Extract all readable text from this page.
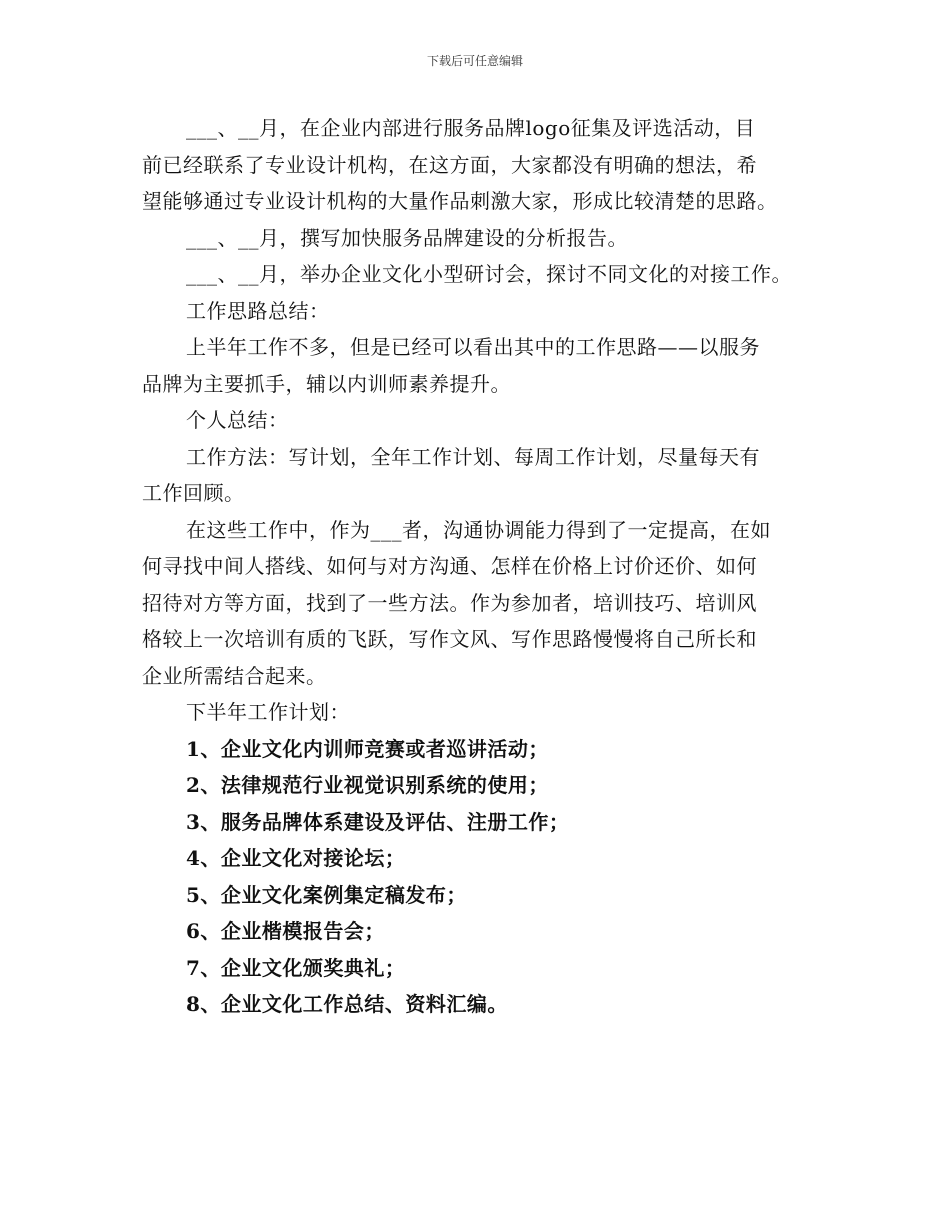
下载后可任意编辑
___、__月，在企业内部进行服务品牌logo征集及评选活动，目
前已经联系了专业设计机构，在这方面，大家都没有明确的想法，希
望能够通过专业设计机构的大量作品刺激大家，形成比较清楚的思路。
___、__月，撰写加快服务品牌建设的分析报告。
___、__月，举办企业文化小型研讨会，探讨不同文化的对接工作。
工作思路总结：
上半年工作不多，但是已经可以看出其中的工作思路——以服务
品牌为主要抓手，辅以内训师素养提升。
个人总结：
工作方法：写计划，全年工作计划、每周工作计划，尽量每天有
工作回顾。
在这些工作中，作为___者，沟通协调能力得到了一定提高，在如
何寻找中间人搭线、如何与对方沟通、怎样在价格上讨价还价、如何
招待对方等方面，找到了一些方法。作为参加者，培训技巧、培训风
格较上一次培训有质的飞跃，写作文风、写作思路慢慢将自己所长和
企业所需结合起来。
下半年工作计划：
1、企业文化内训师竞赛或者巡讲活动；
2、法律规范行业视觉识别系统的使用；
3、服务品牌体系建设及评估、注册工作；
4、企业文化对接论坛；
5、企业文化案例集定稿发布；
6、企业楷模报告会；
7、企业文化颁奖典礼；
8、企业文化工作总结、资料汇编。
